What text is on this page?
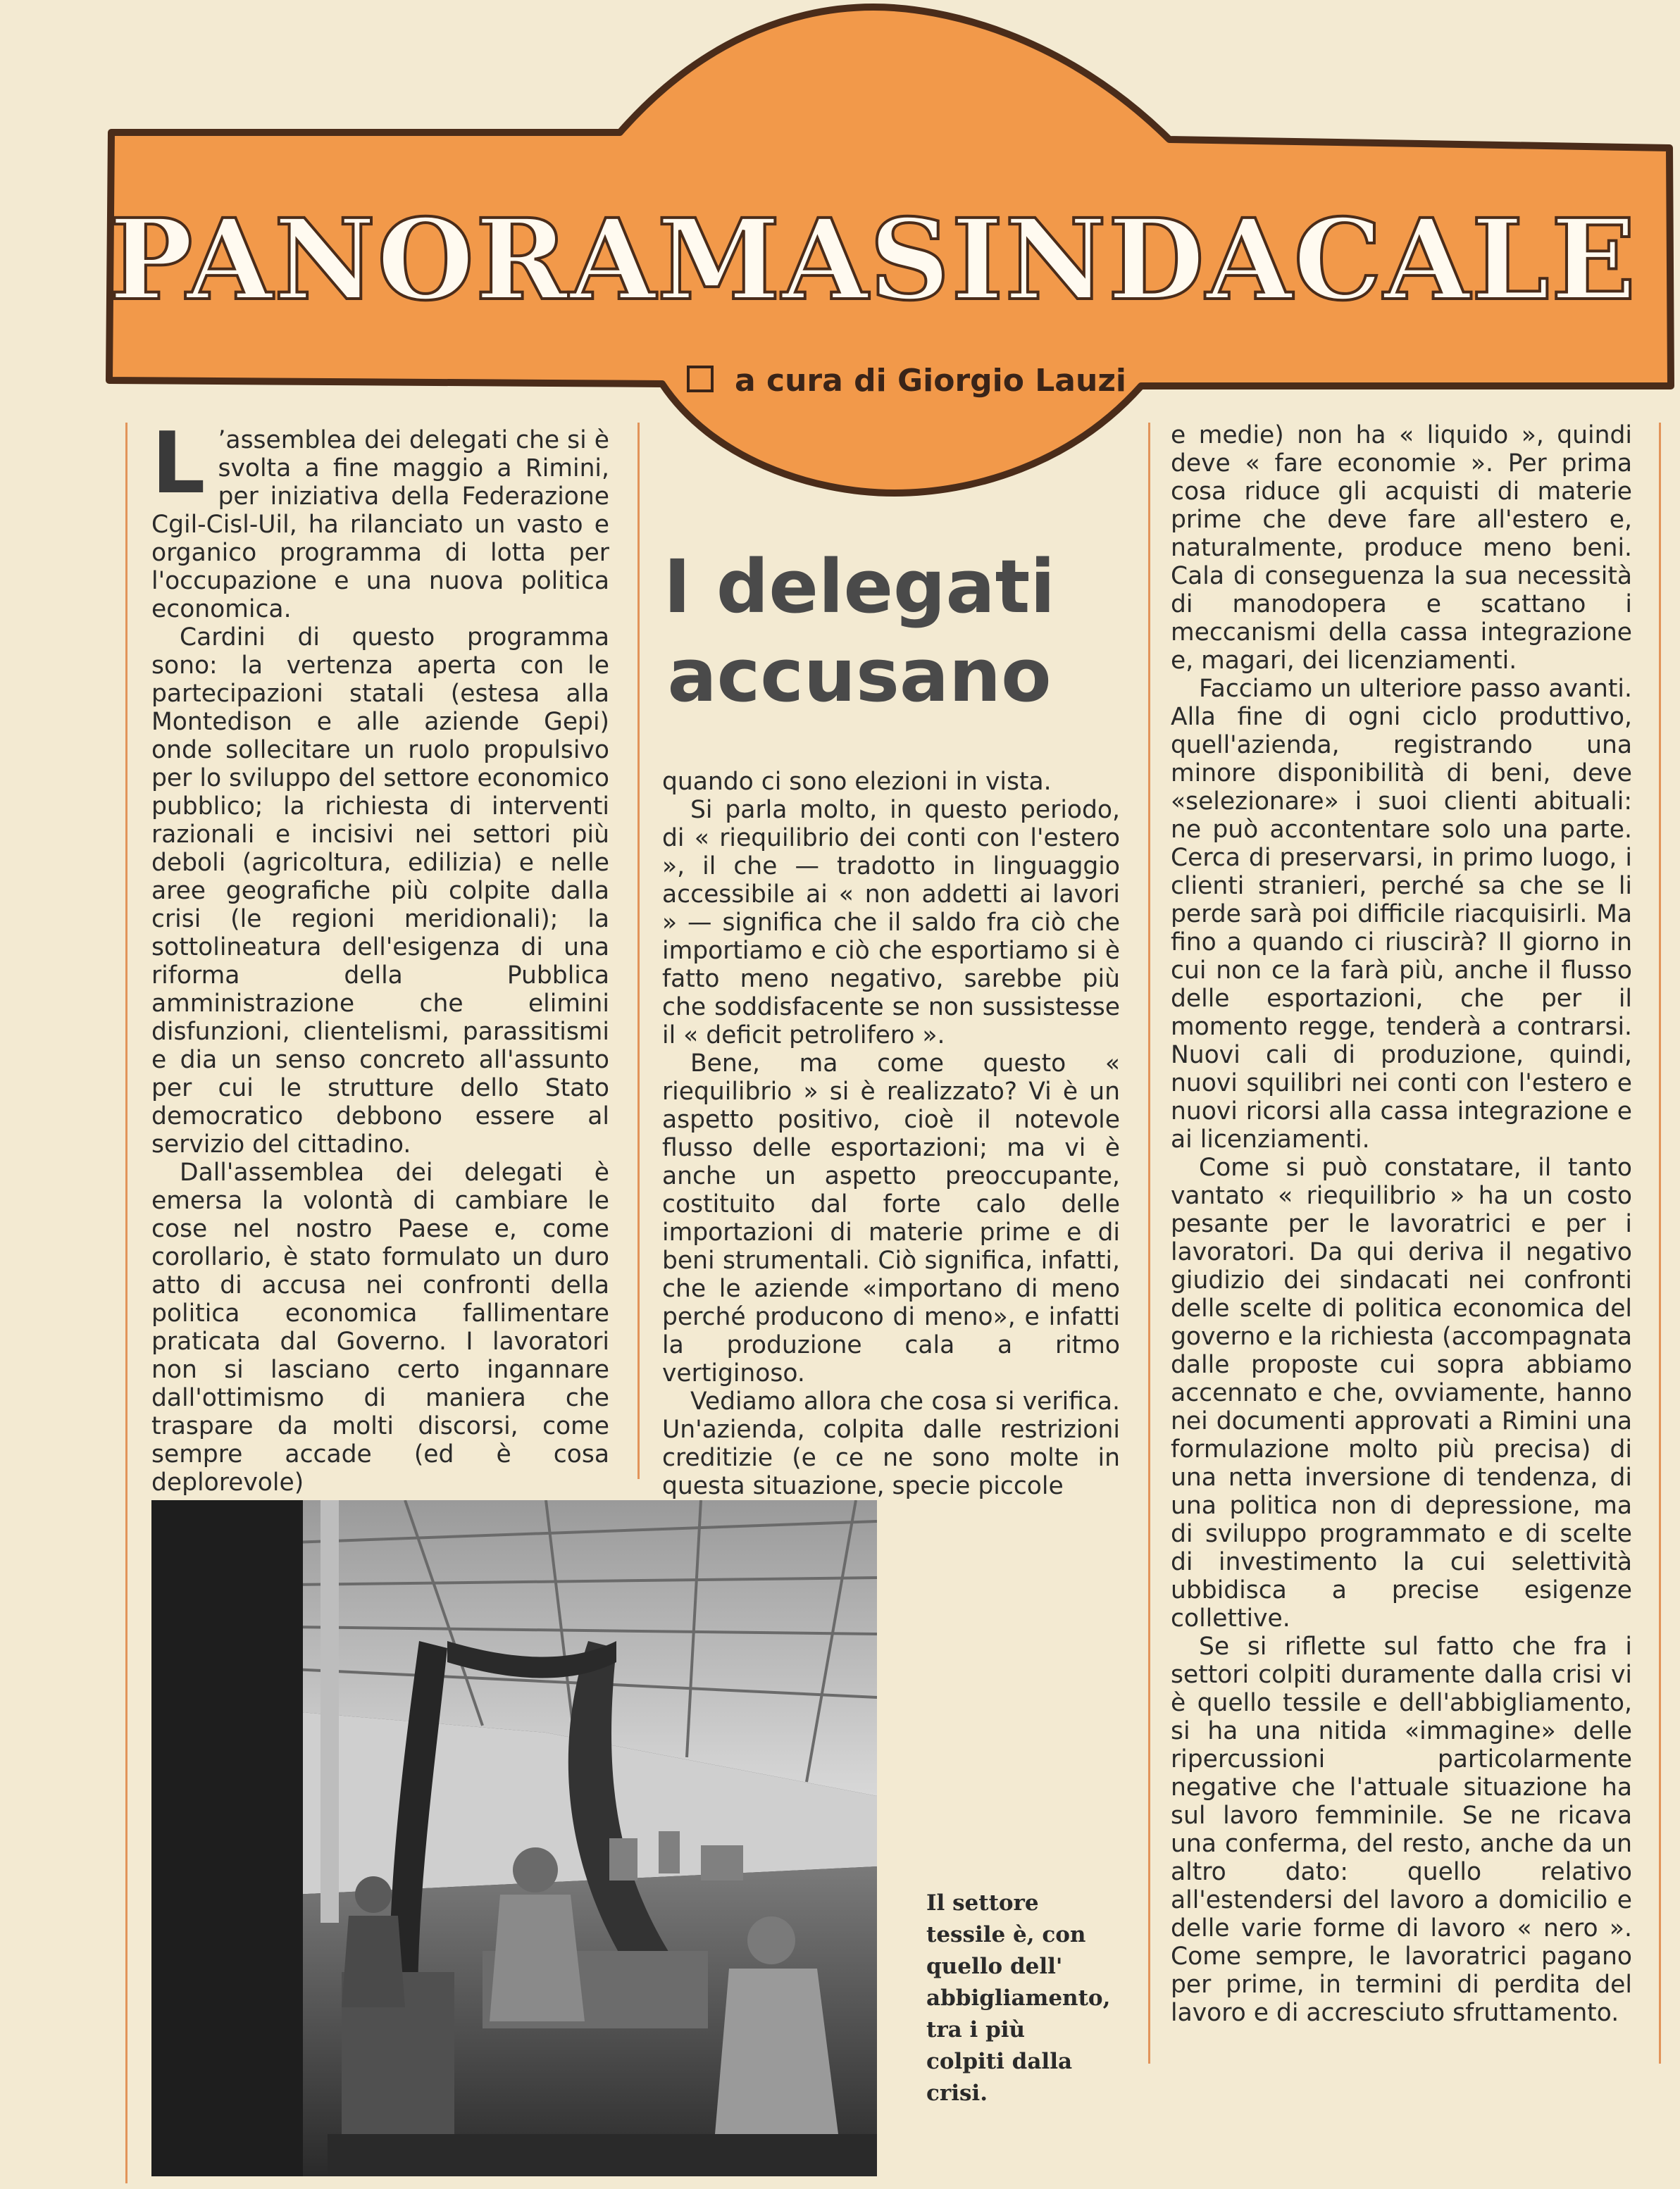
PANORAMA SINDACALE
a cura di Giorgio Lauzi
I delegati
accusano

L ’assemblea dei delegati che si è svolta a fine maggio a Rimini, per iniziativa della Federazione Cgil-Cisl-Uil, ha rilanciato un vasto e organico programma di lotta per l'occupazione e una nuova politica economica.

Cardini di questo programma sono: la vertenza aperta con le partecipazioni statali (estesa alla Montedison e alle aziende Gepi) onde sollecitare un ruolo propulsivo per lo sviluppo del settore economico pubblico; la richiesta di interventi razionali e incisivi nei settori più deboli (agricoltura, edilizia) e nelle aree geografiche più colpite dalla crisi (le regioni meridionali); la sottolineatura dell'esigenza di una riforma della Pubblica amministrazione che elimini disfunzioni, clientelismi, parassitismi e dia un senso concreto all'assunto per cui le strutture dello Stato democratico debbono essere al servizio del cittadino.

Dall'assemblea dei delegati è emersa la volontà di cambiare le cose nel nostro Paese e, come corollario, è stato formulato un duro atto di accusa nei confronti della politica economica fallimentare praticata dal Governo. I lavoratori non si lasciano certo ingannare dall'ottimismo di maniera che traspare da molti discorsi, come sempre accade (ed è cosa deplorevole)

quando ci sono elezioni in vista.

Si parla molto, in questo periodo, di « riequilibrio dei conti con l'estero », il che — tradotto in linguaggio accessibile ai « non addetti ai lavori » — significa che il saldo fra ciò che importiamo e ciò che esportiamo si è fatto meno negativo, sarebbe più che soddisfacente se non sussistesse il « deficit petrolifero ».

Bene, ma come questo « riequilibrio » si è realizzato? Vi è un aspetto positivo, cioè il notevole flusso delle esportazioni; ma vi è anche un aspetto preoccupante, costituito dal forte calo delle importazioni di materie prime e di beni strumentali. Ciò significa, infatti, che le aziende «importano di meno perché producono di meno», e infatti la produzione cala a ritmo vertiginoso.

Vediamo allora che cosa si verifica. Un'azienda, colpita dalle restrizioni creditizie (e ce ne sono molte in questa situazione, specie piccole

e medie) non ha « liquido », quindi deve « fare economie ». Per prima cosa riduce gli acquisti di materie prime che deve fare all'estero e, naturalmente, produce meno beni. Cala di conseguenza la sua necessità di manodopera e scattano i meccanismi della cassa integrazione e, magari, dei licenziamenti.

Facciamo un ulteriore passo avanti. Alla fine di ogni ciclo produttivo, quell'azienda, registrando una minore disponibilità di beni, deve «selezionare» i suoi clienti abituali: ne può accontentare solo una parte. Cerca di preservarsi, in primo luogo, i clienti stranieri, perché sa che se li perde sarà poi difficile riacquisirli. Ma fino a quando ci riuscirà? Il giorno in cui non ce la farà più, anche il flusso delle esportazioni, che per il momento regge, tenderà a contrarsi. Nuovi cali di produzione, quindi, nuovi squilibri nei conti con l'estero e nuovi ricorsi alla cassa integrazione e ai licenziamenti.

Come si può constatare, il tanto vantato « riequilibrio » ha un costo pesante per le lavoratrici e per i lavoratori. Da qui deriva il negativo giudizio dei sindacati nei confronti delle scelte di politica economica del governo e la richiesta (accompagnata dalle proposte cui sopra abbiamo accennato e che, ovviamente, hanno nei documenti approvati a Rimini una formulazione molto più precisa) di una netta inversione di tendenza, di una politica non di depressione, ma di sviluppo programmato e di scelte di investimento la cui selettività ubbidisca a precise esigenze collettive.

Se si riflette sul fatto che fra i settori colpiti duramente dalla crisi vi è quello tessile e dell'abbigliamento, si ha una nitida «immagine» delle ripercussioni particolarmente negative che l'attuale situazione ha sul lavoro femminile. Se ne ricava una conferma, del resto, anche da un altro dato: quello relativo all'estendersi del lavoro a domicilio e delle varie forme di lavoro « nero ». Come sempre, le lavoratrici pagano per prime, in termini di perdita del lavoro e di accresciuto sfruttamento.

Il settore tessile è, con quello dell' abbigliamento, tra i più colpiti dalla crisi.
